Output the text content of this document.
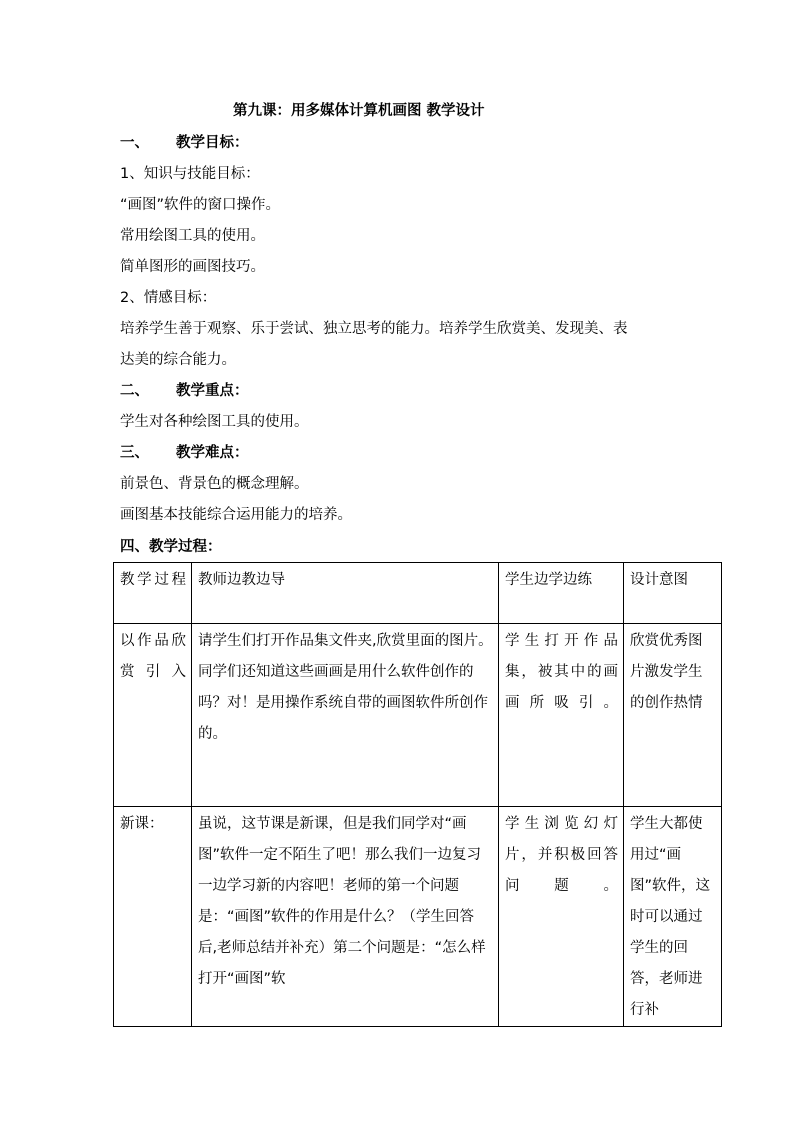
第九课：用多媒体计算机画图 教学设计
一、 教学目标：
1、知识与技能目标：
“画图”软件的窗口操作。
常用绘图工具的使用。
简单图形的画图技巧。
2、情感目标：
培养学生善于观察、乐于尝试、独立思考的能力。培养学生欣赏美、发现美、表
达美的综合能力。
二、 教学重点：
学生对各种绘图工具的使用。
三、 教学难点：
前景色、背景色的概念理解。
画图基本技能综合运用能力的培养。
四、教学过程：
教学过程	教师边教边导	学生边学边练	设计意图
以作品欣赏引入	请学生们打开作品集文件夹,欣赏里面的图片。同学们还知道这些画画是用什么软件创作的吗？对！是用操作系统自带的画图软件所创作的。	学生打开作品集，被其中的画画所吸引。	欣赏优秀图片激发学生的创作热情
新课：	虽说，这节课是新课，但是我们同学对“画图”软件一定不陌生了吧！那么我们一边复习一边学习新的内容吧！老师的第一个问题是：“画图”软件的作用是什么？（学生回答后,老师总结并补充）第二个问题是：“怎么样打开“画图”软	学生浏览幻灯片，并积极回答问题。	学生大都使用过“画图”软件，这时可以通过学生的回答，老师进行补
